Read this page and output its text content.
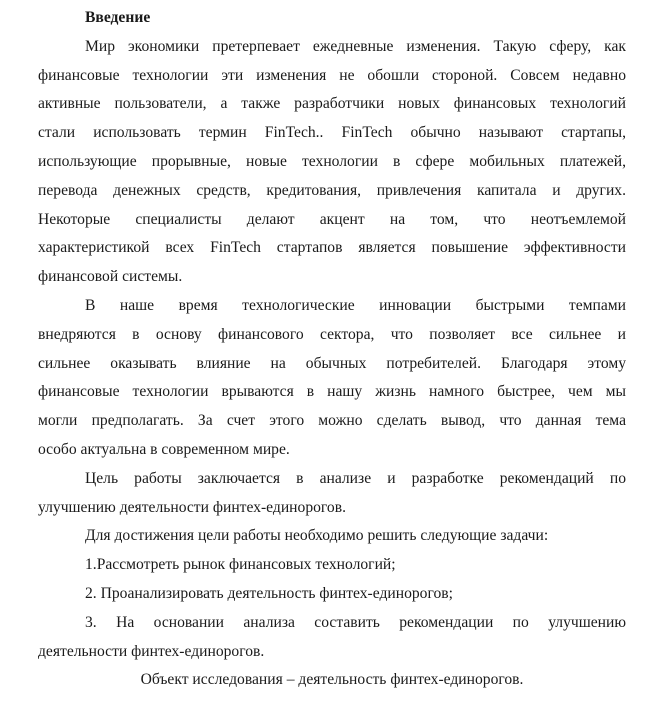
Введение
Мир экономики претерпевает ежедневные изменения. Такую сферу, как
финансовые технологии эти изменения не обошли стороной. Совсем недавно
активные пользователи, а также разработчики новых финансовых технологий
стали использовать термин FinTech.. FinTech обычно называют стартапы,
использующие прорывные, новые технологии в сфере мобильных платежей,
перевода денежных средств, кредитования, привлечения капитала и других.
Некоторые специалисты делают акцент на том, что неотъемлемой
характеристикой всех FinTech стартапов является повышение эффективности
финансовой системы.
В наше время технологические инновации быстрыми темпами
внедряются в основу финансового сектора, что позволяет все сильнее и
сильнее оказывать влияние на обычных потребителей. Благодаря этому
финансовые технологии врываются в нашу жизнь намного быстрее, чем мы
могли предполагать. За счет этого можно сделать вывод, что данная тема
особо актуальна в современном мире.
Цель работы заключается в анализе и разработке рекомендаций по
улучшению деятельности финтех-единорогов.
Для достижения цели работы необходимо решить следующие задачи:
1.Рассмотреть рынок финансовых технологий;
2. Проанализировать деятельность финтех-единорогов;
3. На основании анализа составить рекомендации по улучшению
деятельности финтех-единорогов.
Объект исследования – деятельность финтех-единорогов.
